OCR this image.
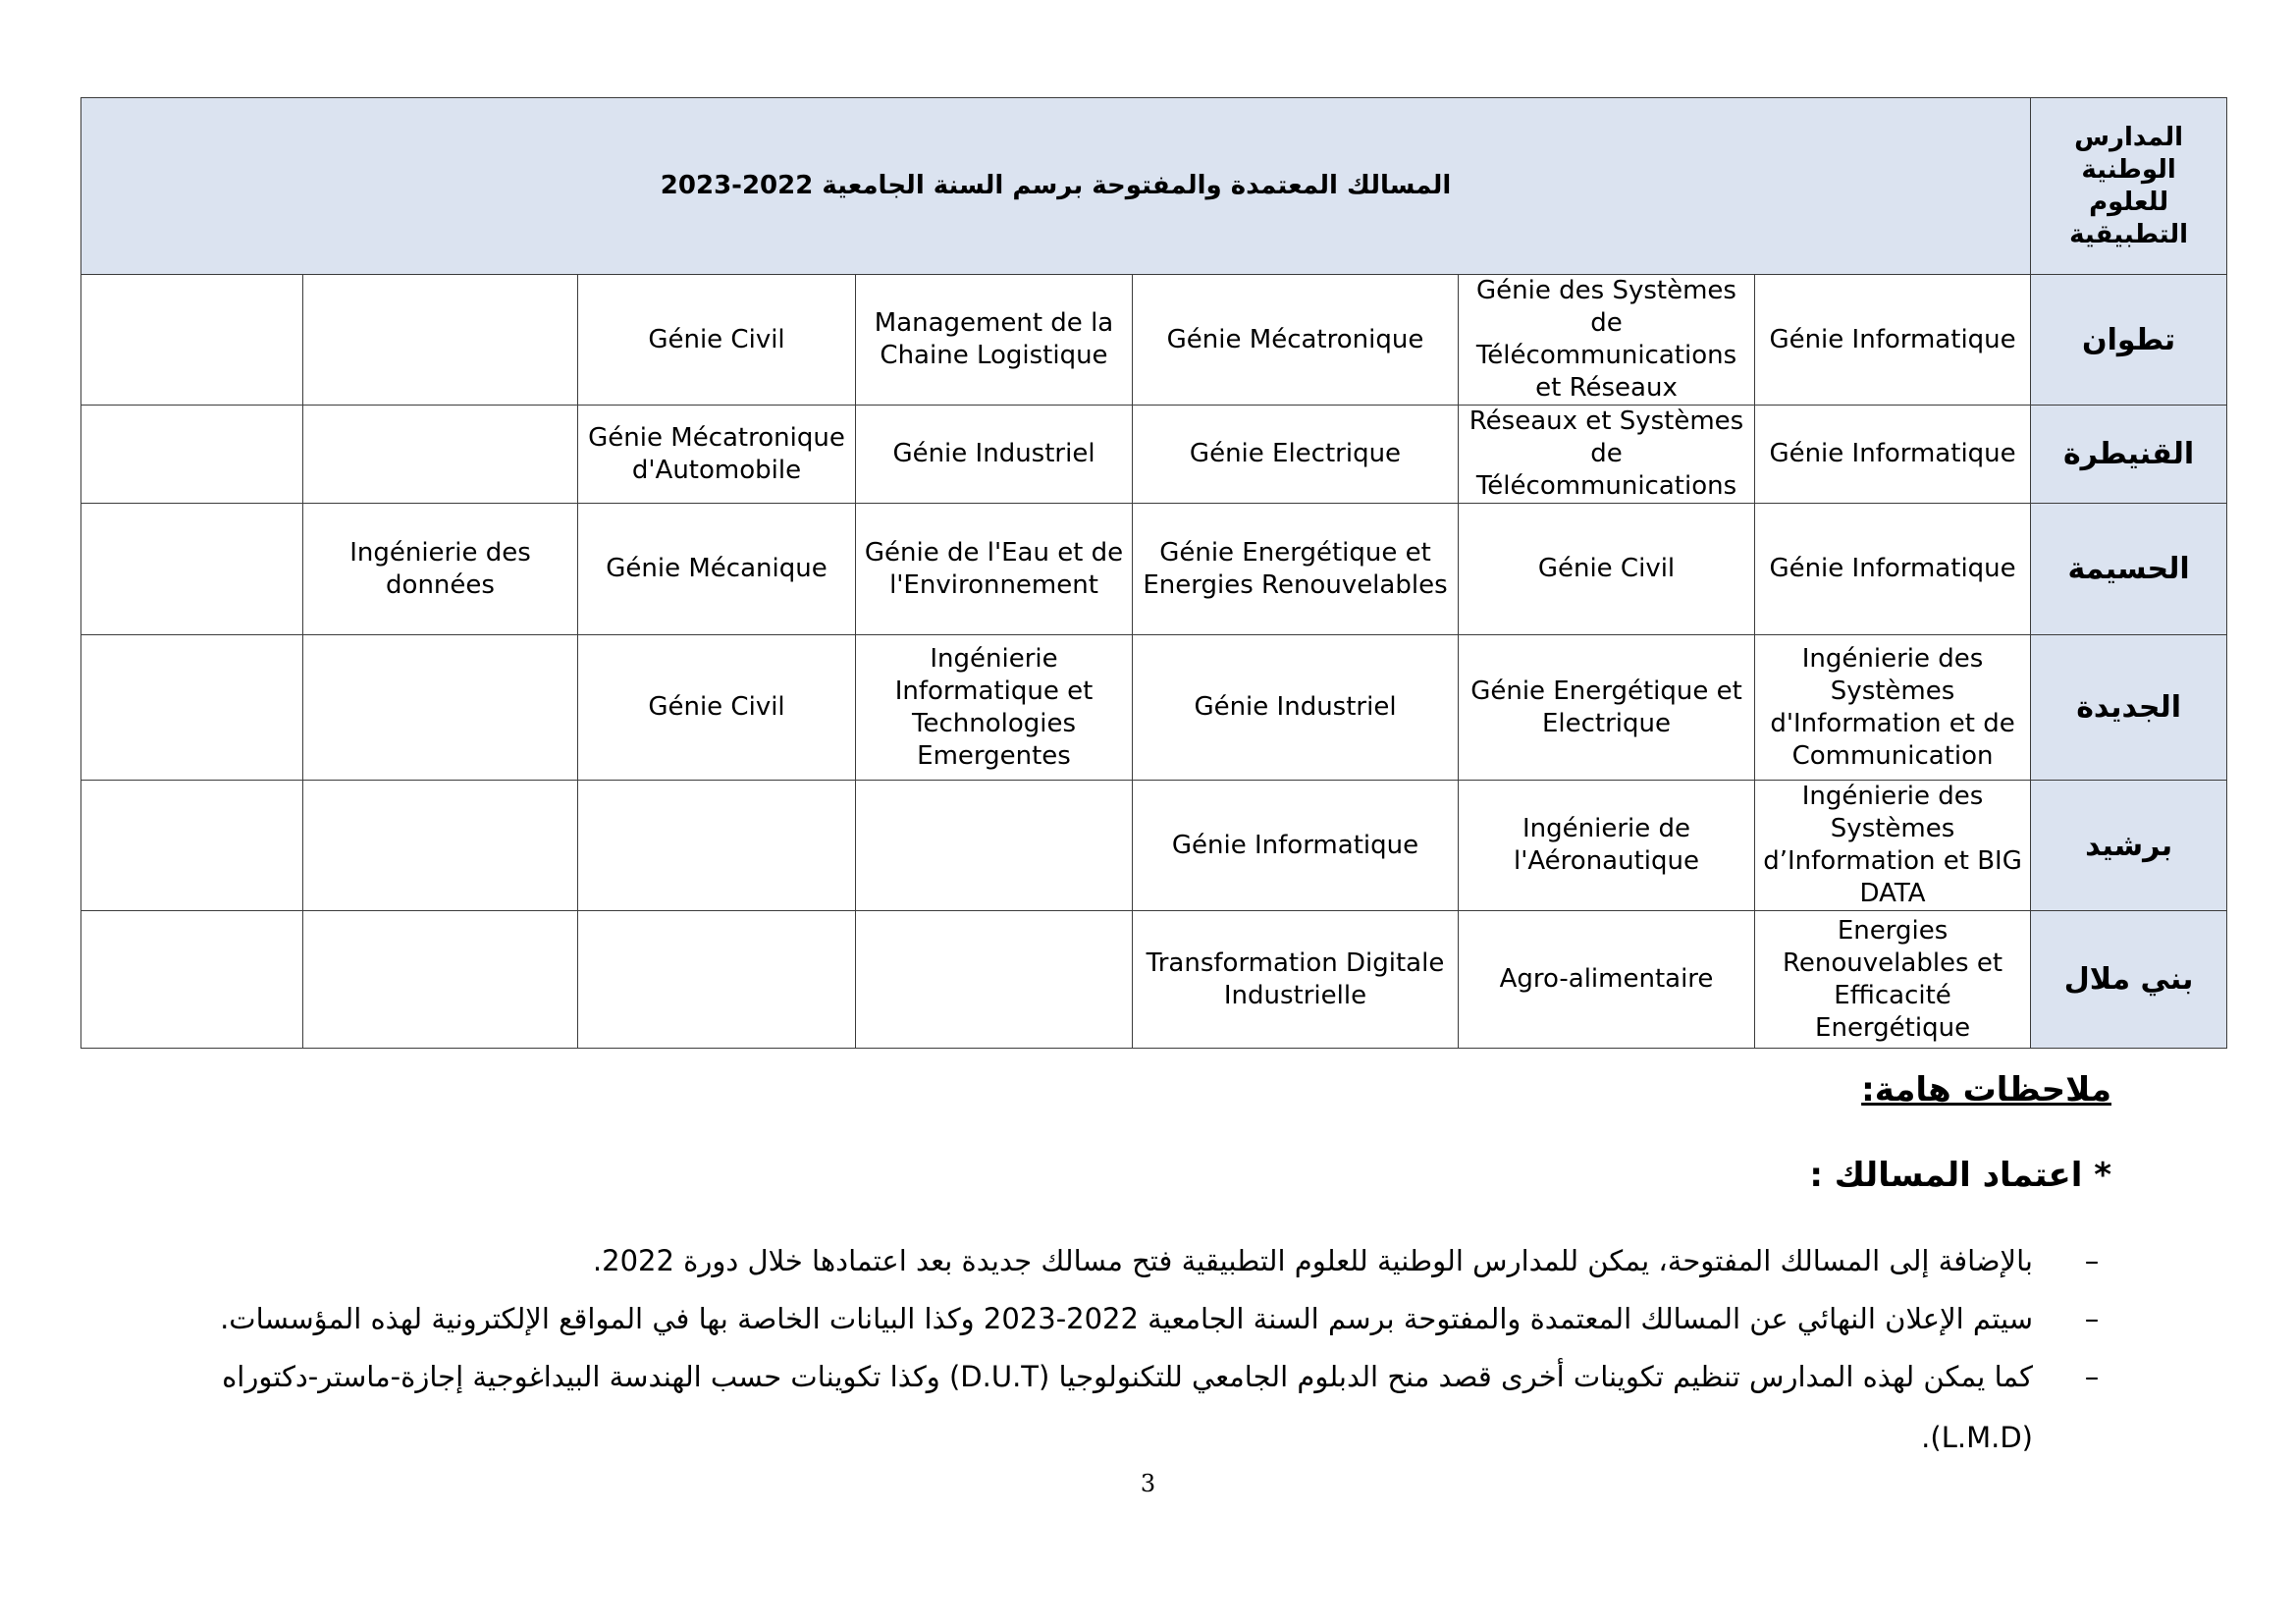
المسالك المعتمدة والمفتوحة برسم السنة الجامعية 2022-2023							المدارس الوطنية للعلوم التطبيقية
		Génie Civil	Management de la Chaine Logistique	Génie Mécatronique	Génie des Systèmes de Télécommunications et Réseaux	Génie Informatique	تطوان
		Génie Mécatronique d'Automobile	Génie Industriel	Génie Electrique	Réseaux et Systèmes de Télécommunications	Génie Informatique	القنيطرة
	Ingénierie des données	Génie Mécanique	Génie de l'Eau et de l'Environnement	Génie Energétique et Energies Renouvelables	Génie Civil	Génie Informatique	الحسيمة
		Génie Civil	Ingénierie Informatique et Technologies Emergentes	Génie Industriel	Génie Energétique et Electrique	Ingénierie des Systèmes d'Information et de Communication	الجديدة
				Génie Informatique	Ingénierie de l'Aéronautique	Ingénierie des Systèmes d’Information et BIG DATA	برشيد
				Transformation Digitale Industrielle	Agro-alimentaire	Energies Renouvelables et Efficacité Energétique	بني ملال
ملاحظات هامة:
* اعتماد المسالك :
–
بالإضافة إلى المسالك المفتوحة، يمكن للمدارس الوطنية للعلوم التطبيقية فتح مسالك جديدة بعد اعتمادها خلال دورة 2022.
–
سيتم الإعلان النهائي عن المسالك المعتمدة والمفتوحة برسم السنة الجامعية 2022-2023 وكذا البيانات الخاصة بها في المواقع الإلكترونية لهذه المؤسسات.
–
كما يمكن لهذه المدارس تنظيم تكوينات أخرى قصد منح الدبلوم الجامعي للتكنولوجيا (D.U.T) وكذا تكوينات حسب الهندسة البيداغوجية إجازة-ماستر-دكتوراه (L.M.D).
3
